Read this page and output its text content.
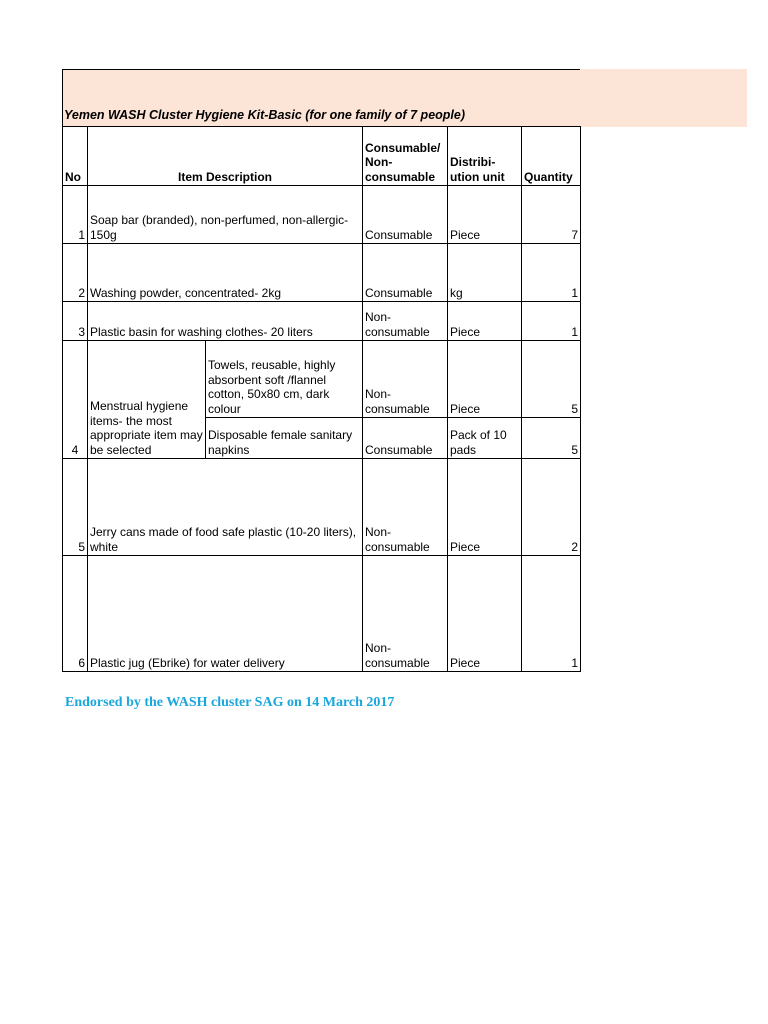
Yemen WASH Cluster Hygiene Kit-Basic (for one family of 7 people)
No	Item Description		Consumable/ Non-consumable	Distribi-ution unit	Quantity
1	Soap bar (branded), non-perfumed, non-allergic- 150g		Consumable	Piece	7
2	Washing powder, concentrated- 2kg		Consumable	kg	1
3	Plastic basin for washing clothes- 20 liters		Non-consumable	Piece	1
4	Menstrual hygiene items- the most appropriate item may be selected	Towels, reusable, highly absorbent soft /flannel cotton, 50x80 cm, dark colour	Non-consumable	Piece	5
		Disposable female sanitary napkins	Consumable	Pack of 10 pads	5
5	Jerry cans made of food safe plastic (10-20 liters), white		Non-consumable	Piece	2
6	Plastic jug (Ebrike) for water delivery		Non-consumable	Piece	1
Endorsed by the WASH cluster SAG on 14 March 2017
